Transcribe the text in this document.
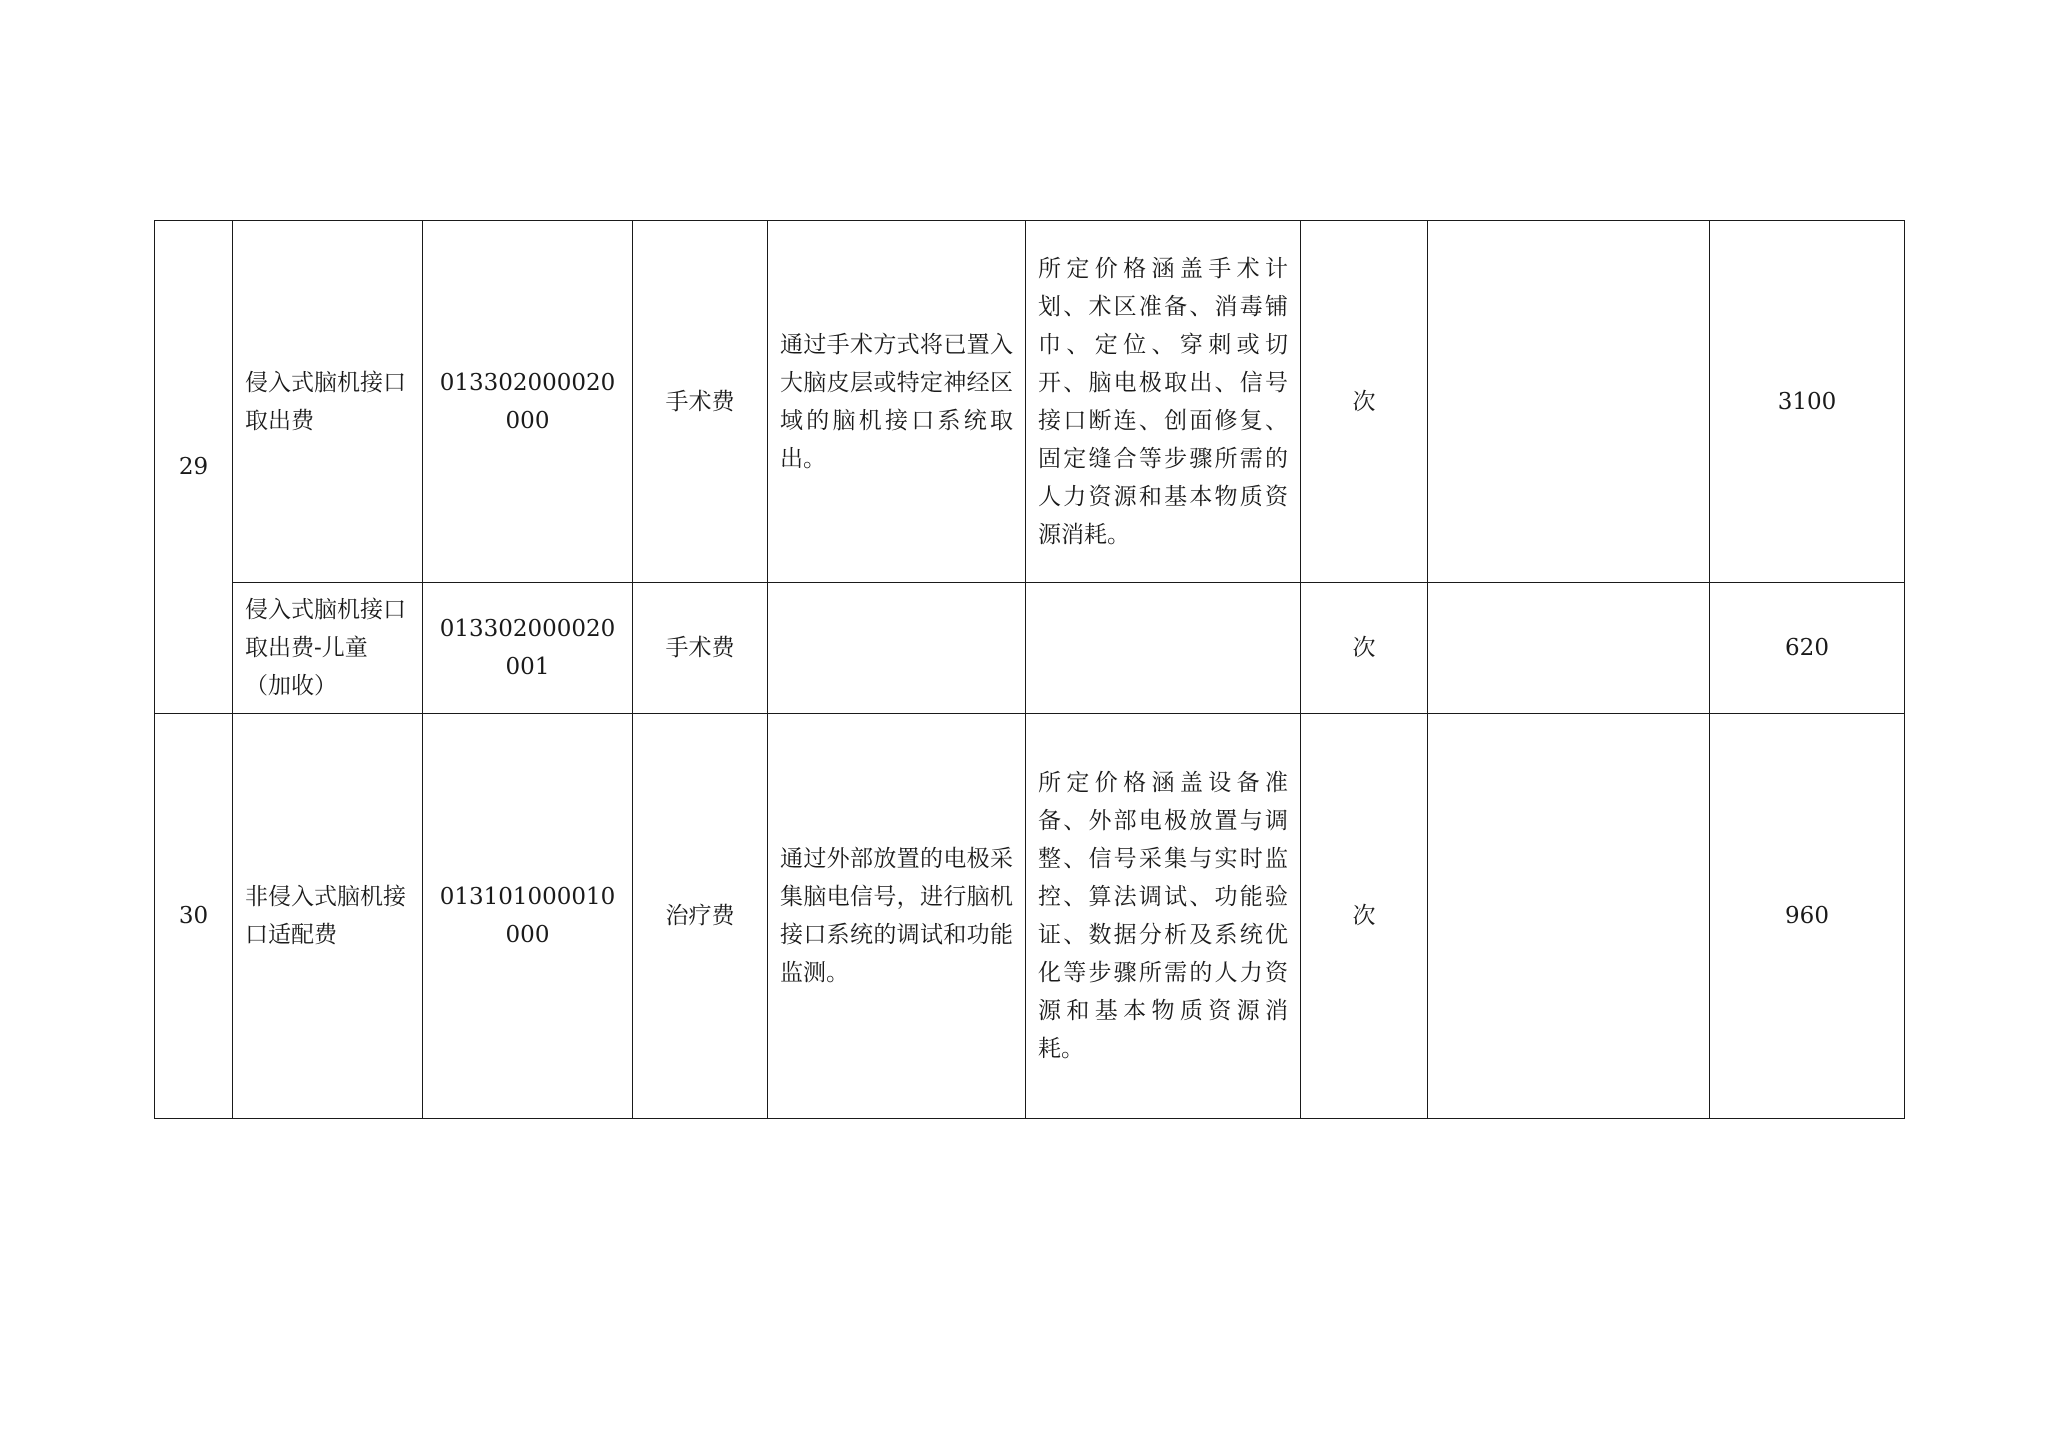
29	侵入式脑机接口取出费	013302000020000	手术费	通过手术方式将已置入大脑皮层或特定神经区域的脑机接口系统取出。	所定价格涵盖手术计划、术区准备、消毒铺巾、定位、穿刺或切开、脑电极取出、信号接口断连、创面修复、固定缝合等步骤所需的人力资源和基本物质资源消耗。	次		3100
	侵入式脑机接口取出费-儿童（加收）	013302000020001	手术费			次		620
30	非侵入式脑机接口适配费	013101000010000	治疗费	通过外部放置的电极采集脑电信号，进行脑机接口系统的调试和功能监测。	所定价格涵盖设备准备、外部电极放置与调整、信号采集与实时监控、算法调试、功能验证、数据分析及系统优化等步骤所需的人力资源和基本物质资源消耗。	次		960
